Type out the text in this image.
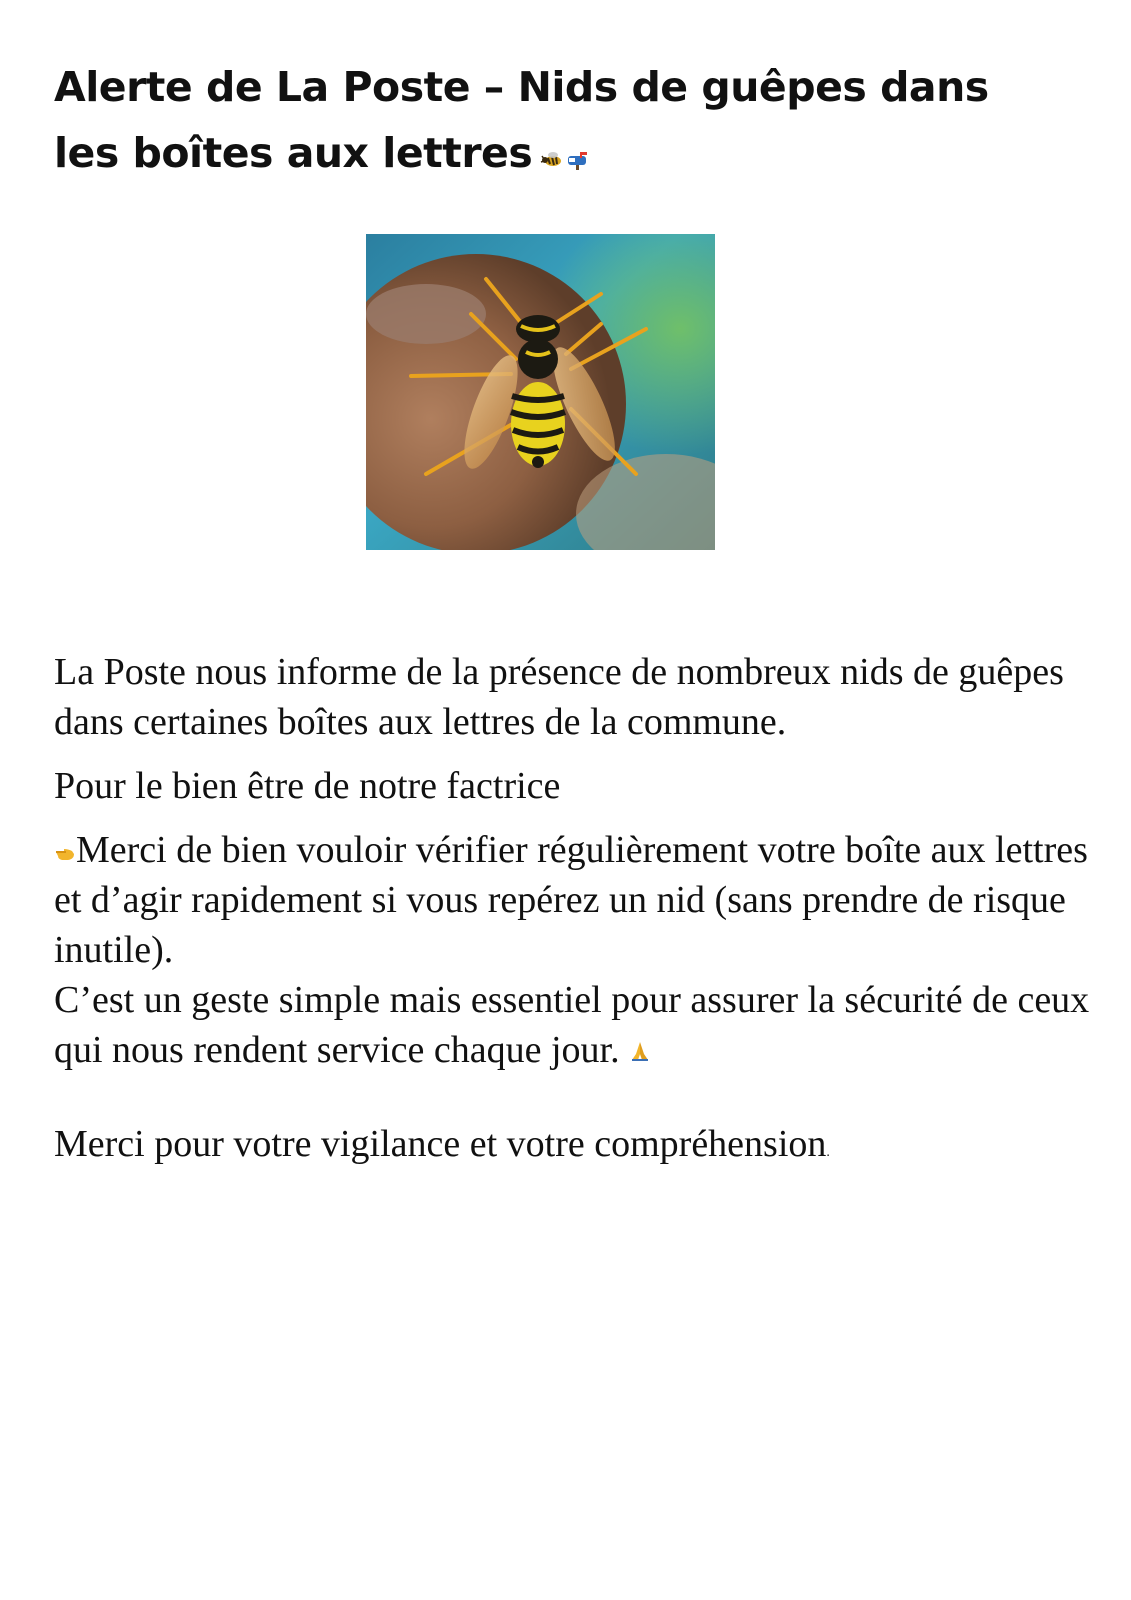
Alerte de La Poste – Nids de guêpes dans les boîtes aux lettres

La Poste nous informe de la présence de nombreux nids de guêpes dans certaines boîtes aux lettres de la commune.

Pour le bien être de notre factrice

Merci de bien vouloir vérifier régulièrement votre boîte aux lettres et d’agir rapidement si vous repérez un nid (sans prendre de risque inutile).

C’est un geste simple mais essentiel pour assurer la sécurité de ceux qui nous rendent service chaque jour.

Merci pour votre vigilance et votre compréhension.
